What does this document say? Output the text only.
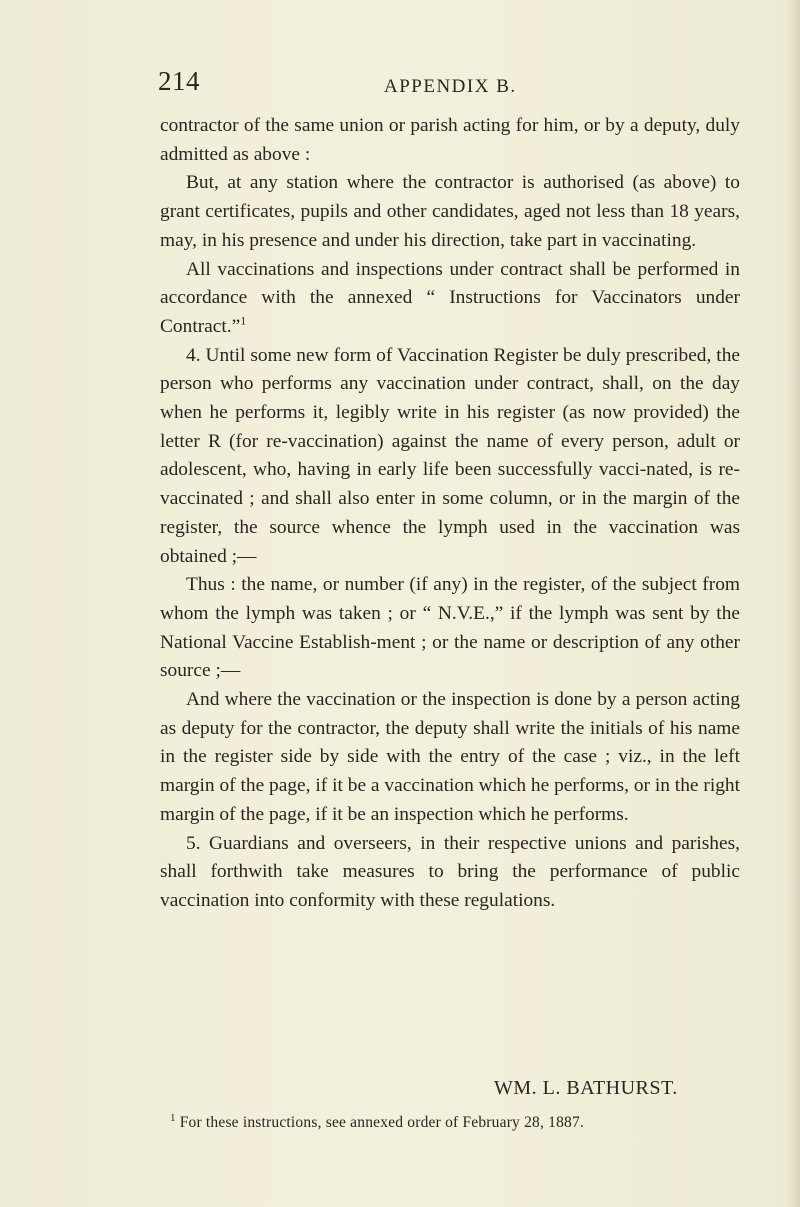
214	APPENDIX B.

contractor of the same union or parish acting for him, or by a deputy, duly admitted as above :

But, at any station where the contractor is authorised (as above) to grant certificates, pupils and other candidates, aged not less than 18 years, may, in his presence and under his direction, take part in vaccinating.

All vaccinations and inspections under contract shall be performed in accordance with the annexed “ Instructions for Vaccinators under Contract.”$^1$

4. Until some new form of Vaccination Register be duly prescribed, the person who performs any vaccination under contract, shall, on the day when he performs it, legibly write in his register (as now provided) the letter R (for re-vaccination) against the name of every person, adult or adolescent, who, having in early life been successfully vacci-nated, is re-vaccinated ; and shall also enter in some column, or in the margin of the register, the source whence the lymph used in the vaccination was obtained ;—

Thus : the name, or number (if any) in the register, of the subject from whom the lymph was taken ; or “ N.V.E.,” if the lymph was sent by the National Vaccine Establish-ment ; or the name or description of any other source ;—

And where the vaccination or the inspection is done by a person acting as deputy for the contractor, the deputy shall write the initials of his name in the register side by side with the entry of the case ; viz., in the left margin of the page, if it be a vaccination which he performs, or in the right margin of the page, if it be an inspection which he performs.

5. Guardians and overseers, in their respective unions and parishes, shall forthwith take measures to bring the performance of public vaccination into conformity with these regulations.

WM. L. BATHURST.
$^1$ For these instructions, see annexed order of February 28, 1887.
